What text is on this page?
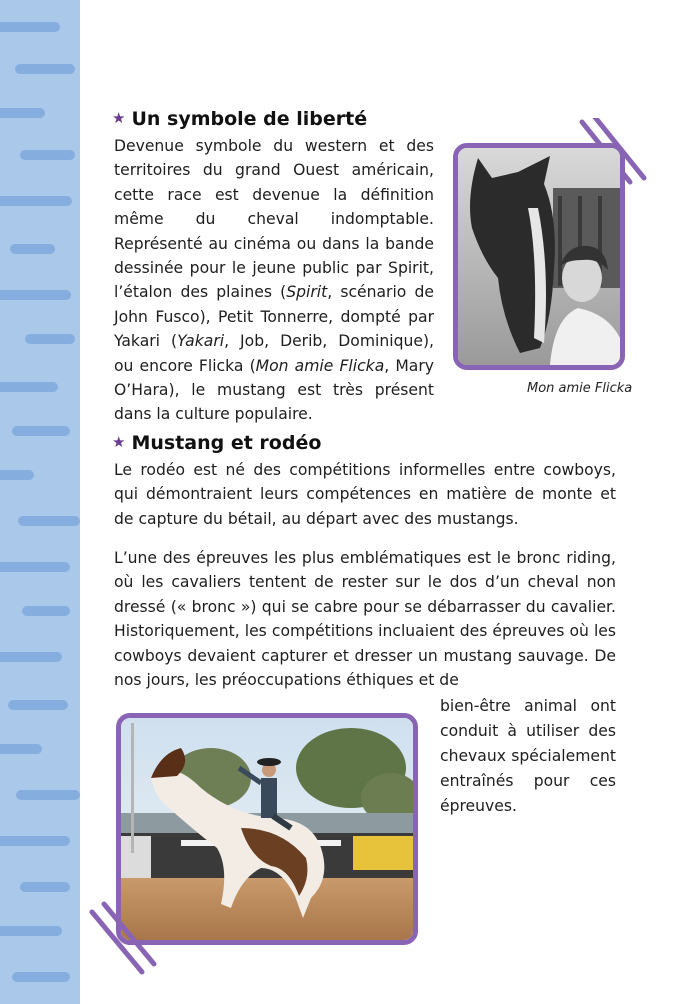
★ Un symbole de liberté

Devenue symbole du western et des territoires du grand Ouest américain, cette race est devenue la définition même du cheval indomptable. Représenté au cinéma ou dans la bande dessinée pour le jeune public par Spirit, l’étalon des plaines (Spirit, scénario de John Fusco), Petit Tonnerre, dompté par Yakari (Yakari, Job, Derib, Dominique), ou encore Flicka (Mon amie Flicka, Mary O’Hara), le mustang est très présent dans la culture populaire.

Mon amie Flicka
★ Mustang et rodéo

Le rodéo est né des compétitions informelles entre cowboys, qui démontraient leurs compétences en matière de monte et de capture du bétail, au départ avec des mustangs.

L’une des épreuves les plus emblématiques est le bronc riding, où les cavaliers tentent de rester sur le dos d’un cheval non dressé (« bronc ») qui se cabre pour se débarrasser du cavalier. Historiquement, les compétitions incluaient des épreuves où les cowboys devaient capturer et dresser un mustang sauvage. De nos jours, les préoccupations éthiques et de

bien-être animal ont conduit à utiliser des chevaux spécialement entraînés pour ces épreuves.
